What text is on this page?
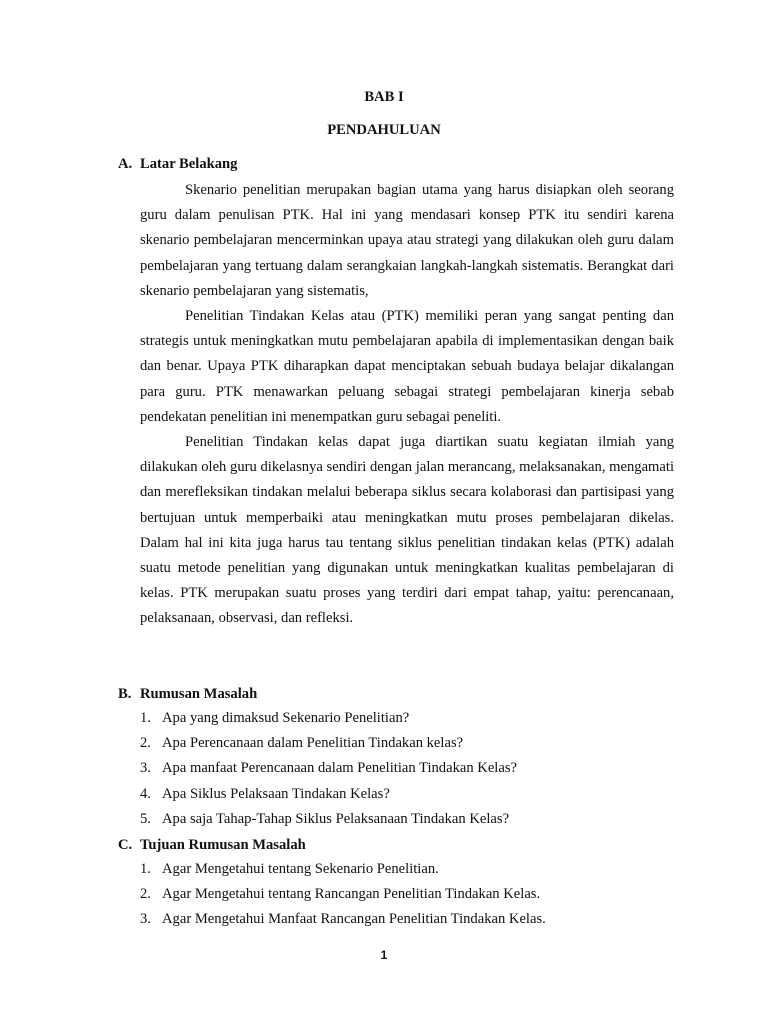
BAB I
PENDAHULUAN
A. Latar Belakang
Skenario penelitian merupakan bagian utama yang harus disiapkan oleh seorang guru dalam penulisan PTK. Hal ini yang mendasari konsep PTK itu sendiri karena skenario pembelajaran mencerminkan upaya atau strategi yang dilakukan oleh guru dalam pembelajaran yang tertuang dalam serangkaian langkah-langkah sistematis. Berangkat dari skenario pembelajaran yang sistematis,
Penelitian Tindakan Kelas atau (PTK) memiliki peran yang sangat penting dan strategis untuk meningkatkan mutu pembelajaran apabila di implementasikan dengan baik dan benar. Upaya PTK diharapkan dapat menciptakan sebuah budaya belajar dikalangan para guru. PTK menawarkan peluang sebagai strategi pembelajaran kinerja sebab pendekatan penelitian ini menempatkan guru sebagai peneliti.
Penelitian Tindakan kelas dapat juga diartikan suatu kegiatan ilmiah yang dilakukan oleh guru dikelasnya sendiri dengan jalan merancang, melaksanakan, mengamati dan merefleksikan tindakan melalui beberapa siklus secara kolaborasi dan partisipasi yang bertujuan untuk memperbaiki atau meningkatkan mutu proses pembelajaran dikelas. Dalam hal ini kita juga harus tau tentang siklus penelitian tindakan kelas (PTK) adalah suatu metode penelitian yang digunakan untuk meningkatkan kualitas pembelajaran di kelas. PTK merupakan suatu proses yang terdiri dari empat tahap, yaitu: perencanaan, pelaksanaan, observasi, dan refleksi.
B. Rumusan Masalah
1. Apa yang dimaksud Sekenario Penelitian?
2. Apa Perencanaan dalam Penelitian Tindakan kelas?
3. Apa manfaat Perencanaan dalam Penelitian Tindakan Kelas?
4. Apa Siklus Pelaksaan Tindakan Kelas?
5. Apa saja Tahap-Tahap Siklus Pelaksanaan Tindakan Kelas?
C. Tujuan Rumusan Masalah
1. Agar Mengetahui tentang Sekenario Penelitian.
2. Agar Mengetahui tentang Rancangan Penelitian Tindakan Kelas.
3. Agar Mengetahui Manfaat Rancangan Penelitian Tindakan Kelas.
1
